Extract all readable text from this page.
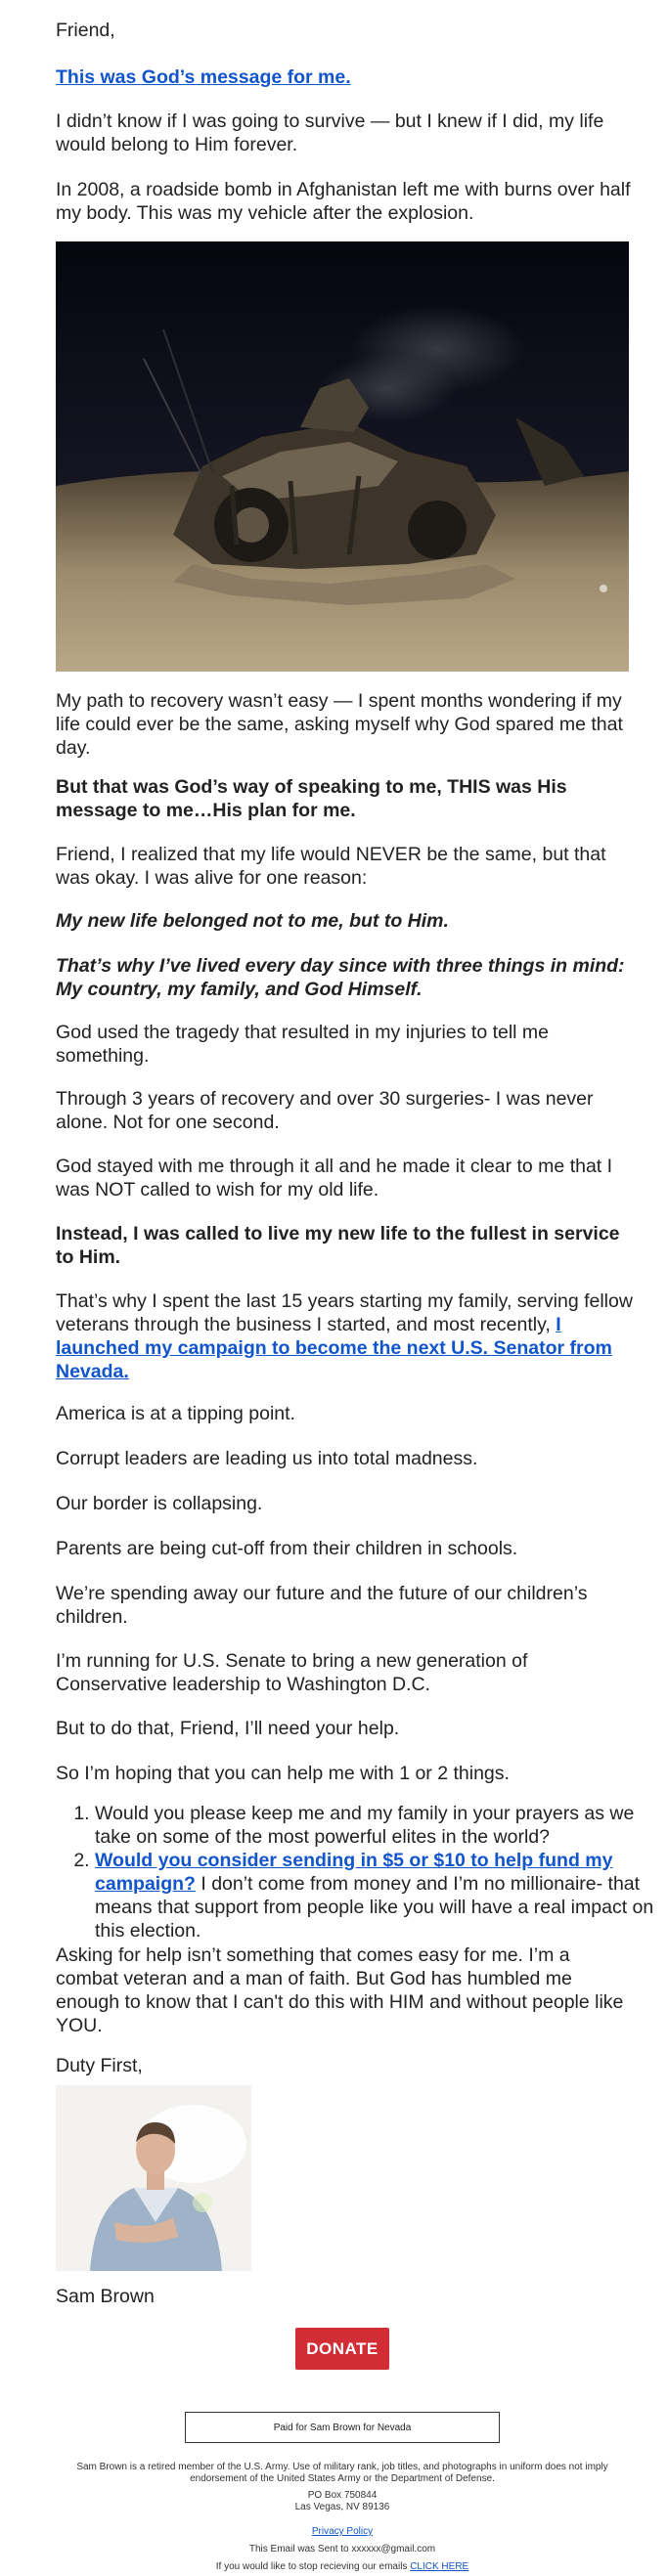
Friend,

This was God’s message for me.

I didn’t know if I was going to survive — but I knew if I did, my life would belong to Him forever.

In 2008, a roadside bomb in Afghanistan left me with burns over half my body. This was my vehicle after the explosion.

My path to recovery wasn’t easy — I spent months wondering if my life could ever be the same, asking myself why God spared me that day.

But that was God’s way of speaking to me, THIS was His message to me…His plan for me.

Friend, I realized that my life would NEVER be the same, but that was okay. I was alive for one reason:

My new life belonged not to me, but to Him.

That’s why I’ve lived every day since with three things in mind: My country, my family, and God Himself.

God used the tragedy that resulted in my injuries to tell me something.

Through 3 years of recovery and over 30 surgeries- I was never alone. Not for one second.

God stayed with me through it all and he made it clear to me that I was NOT called to wish for my old life.

Instead, I was called to live my new life to the fullest in service to Him.

That’s why I spent the last 15 years starting my family, serving fellow veterans through the business I started, and most recently, I launched my campaign to become the next U.S. Senator from Nevada.

America is at a tipping point.

Corrupt leaders are leading us into total madness.

Our border is collapsing.

Parents are being cut-off from their children in schools.

We’re spending away our future and the future of our children’s children.

I’m running for U.S. Senate to bring a new generation of Conservative leadership to Washington D.C.

But to do that, Friend, I’ll need your help.

So I’m hoping that you can help me with 1 or 2 things.

1. Would you please keep me and my family in your prayers as we take on some of the most powerful elites in the world?
2. Would you consider sending in $5 or $10 to help fund my campaign? I don’t come from money and I’m no millionaire- that means that support from people like you will have a real impact on this election.

Asking for help isn’t something that comes easy for me. I’m a combat veteran and a man of faith. But God has humbled me enough to know that I can't do this with HIM and without people like YOU.

Duty First,

Sam Brown

DONATE
Paid for Sam Brown for Nevada
Sam Brown is a retired member of the U.S. Army. Use of military rank, job titles, and photographs in uniform does not imply endorsement of the United States Army or the Department of Defense.
PO Box 750844
Las Vegas, NV 89136
Privacy Policy
This Email was Sent to xxxxxx@gmail.com
If you would like to stop recieving our emails CLICK HERE
